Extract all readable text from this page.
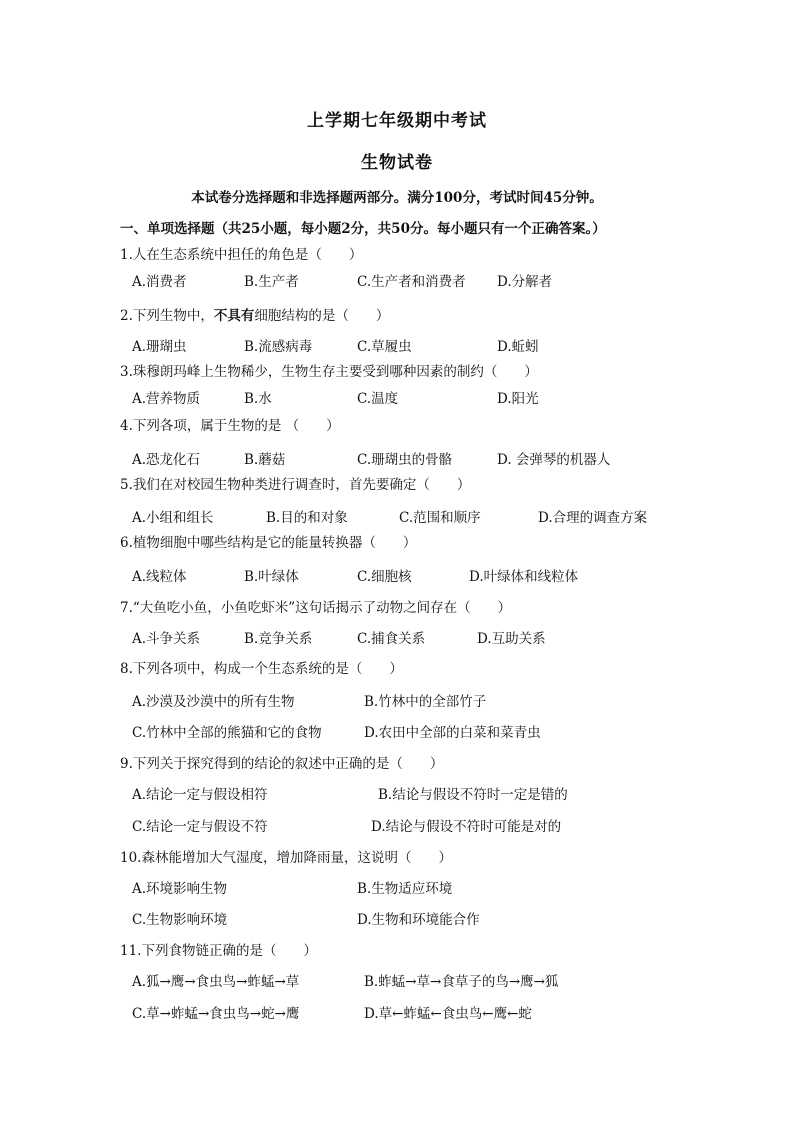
上学期七年级期中考试
生物试卷
本试卷分选择题和非选择题两部分。满分100分，考试时间45分钟。
一、单项选择题（共25小题，每小题2分，共50分。每小题只有一个正确答案。）
1.人在生态系统中担任的角色是（　　）
A.消费者	B.生产者	C.生产者和消费者 D.分解者
2.下列生物中，不具有细胞结构的是（　　）
A.珊瑚虫	B.流感病毒	C.草履虫	D.蚯蚓
3.珠穆朗玛峰上生物稀少，生物生存主要受到哪种因素的制约（　　）
A.营养物质	B.水	C.温度	D.阳光
4.下列各项，属于生物的是 （　　）
A.恐龙化石	B.蘑菇	C.珊瑚虫的骨骼	D. 会弹琴的机器人
5.我们在对校园生物种类进行调查时，首先要确定（　　）
A.小组和组长	B.目的和对象	C.范围和顺序	D.合理的调查方案
6.植物细胞中哪些结构是它的能量转换器（　　）
A.线粒体	B.叶绿体	C.细胞核	D.叶绿体和线粒体
7.“大鱼吃小鱼，小鱼吃虾米”这句话揭示了动物之间存在（　　）
A.斗争关系	B.竞争关系	C.捕食关系	D.互助关系
8.下列各项中，构成一个生态系统的是（　　）
A.沙漠及沙漠中的所有生物	B.竹林中的全部竹子
C.竹林中全部的熊猫和它的食物	D.农田中全部的白菜和菜青虫
9.下列关于探究得到的结论的叙述中正确的是（　　）
A.结论一定与假设相符	B.结论与假设不符时一定是错的
C.结论一定与假设不符	D.结论与假设不符时可能是对的
10.森林能增加大气湿度，增加降雨量，这说明（　　）
A.环境影响生物	B.生物适应环境
C.生物影响环境	D.生物和环境能合作
11.下列食物链正确的是（　　）
A.狐→鹰→食虫鸟→蚱蜢→草	B.蚱蜢→草→食草子的鸟→鹰→狐
C.草→蚱蜢→食虫鸟→蛇→鹰	D.草←蚱蜢←食虫鸟←鹰←蛇
